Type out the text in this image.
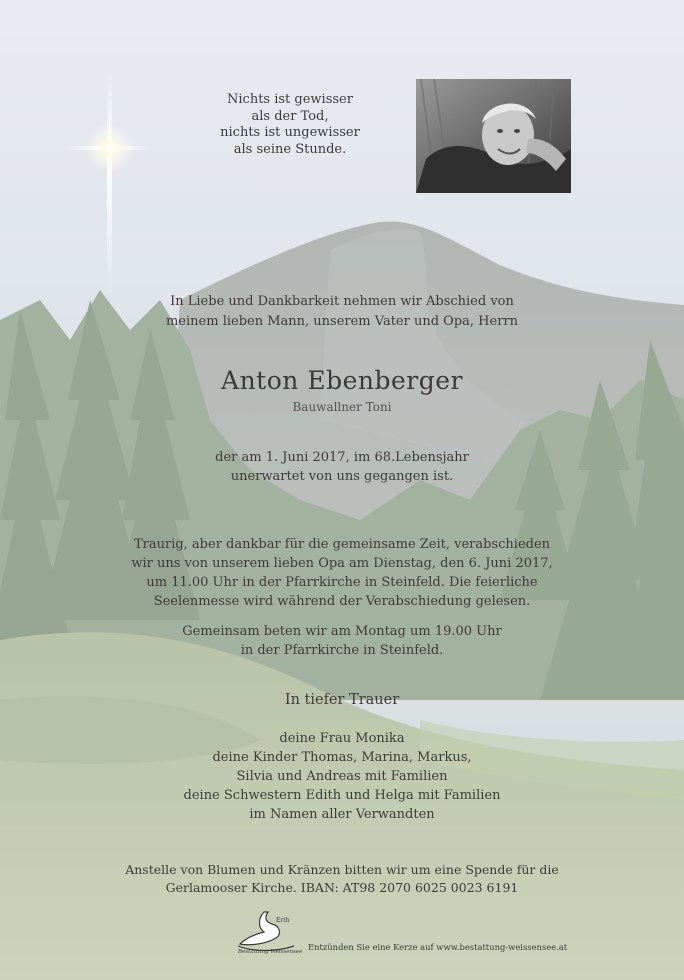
Nichts ist gewisser
als der Tod,
nichts ist ungewisser
als seine Stunde.
In Liebe und Dankbarkeit nehmen wir Abschied von
meinem lieben Mann, unserem Vater und Opa, Herrn
Anton Ebenberger
Bauwallner Toni
der am 1. Juni 2017, im 68.Lebensjahr
unerwartet von uns gegangen ist.
Traurig, aber dankbar für die gemeinsame Zeit, verabschieden
wir uns von unserem lieben Opa am Dienstag, den 6. Juni 2017,
um 11.00 Uhr in der Pfarrkirche in Steinfeld. Die feierliche
Seelenmesse wird während der Verabschiedung gelesen.
Gemeinsam beten wir am Montag um 19.00 Uhr
in der Pfarrkirche in Steinfeld.
In tiefer Trauer
deine Frau Monika
deine Kinder Thomas, Marina, Markus,
Silvia und Andreas mit Familien
deine Schwestern Edith und Helga mit Familien
im Namen aller Verwandten
Anstelle von Blumen und Kränzen bitten wir um eine Spende für die
Gerlamooser Kirche. IBAN: AT98 2070 6025 0023 6191
Erth
Bestattung Weissensee Entzünden Sie eine Kerze auf www.bestattung-weissensee.at
